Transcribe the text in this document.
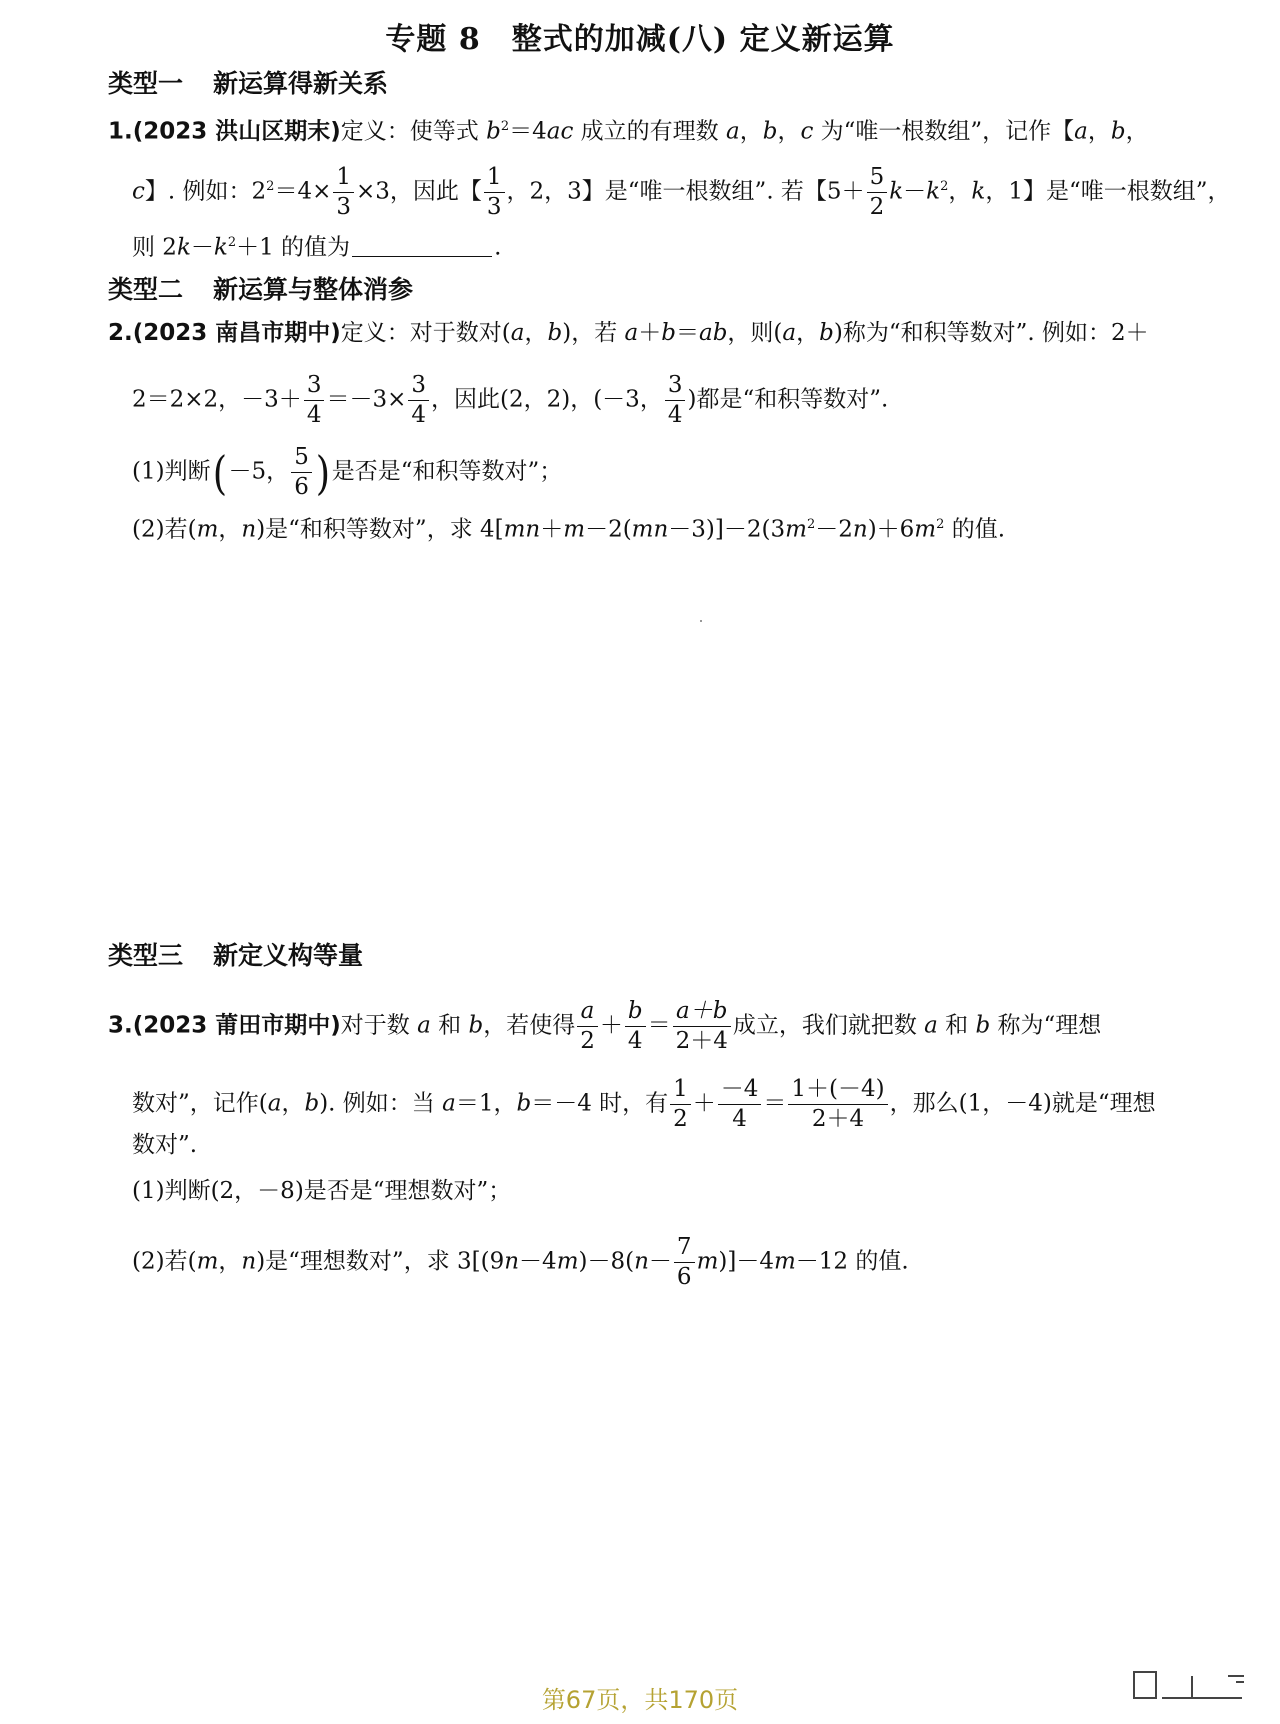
专题 8　整式的加减(八) 定义新运算
类型一 新运算得新关系
1.(2023 洪山区期末)定义：使等式 $b^2=4ac$ 成立的有理数 a，b，c 为“唯一根数组”，记作【a，b，
c】. 例如：$2^2=4\times \frac{1}{3} \times 3$，因此【 $\frac{1}{3}$ ，2，3】是“唯一根数组”. 若【$5+ \frac{5}{2} k-k^2$，k，1】是“唯一根数组”，
则 $2k-k^2+1$ 的值为	.
类型二 新运算与整体消参
2.(2023 南昌市期中)定义：对于数对(a，b)，若 a＋b＝ab，则(a，b)称为“和积等数对”. 例如：2＋
2＝2×2，$-3+ \frac{3}{4} =-3\times \frac{3}{4}$ ，因此(2，2)，(－3， $\frac{3}{4}$ )都是“和积等数对”.
(1)判断(－5， $\frac{5}{6}$ )是否是“和积等数对”；
(2)若(m，n)是“和积等数对”，求 $4[mn+m-2(mn-3)]-2(3m^2-2n)+6m^2$ 的值.
类型三 新定义构等量
3.(2023 莆田市期中)对于数 a 和 b，若使得 $\frac{a}{2} + \frac{b}{4} = \frac{a+b}{2+4}$ 成立，我们就把数 a 和 b 称为“理想
数对”，记作(a，b). 例如：当 a＝1，b＝－4 时，有 $\frac{1}{2} + \frac{-4}{4} = \frac{1+(-4)}{2+4}$ ，那么(1，－4)就是“理想
数对”.
(1)判断(2，－8)是否是“理想数对”；
(2)若(m，n)是“理想数对”，求 $3[(9n-4m)-8(n- \frac{7}{6} m)]-4m-12$ 的值.
第67页，共170页
